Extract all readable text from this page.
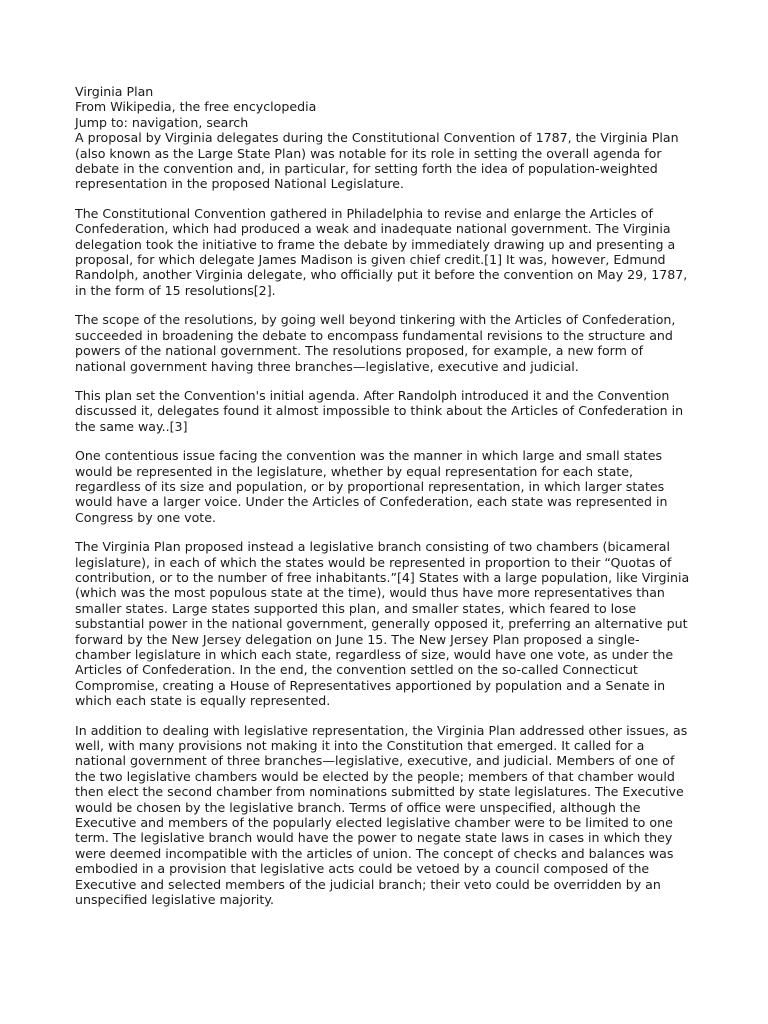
Virginia Plan

From Wikipedia, the free encyclopedia

Jump to: navigation, search

A proposal by Virginia delegates during the Constitutional Convention of 1787, the Virginia Plan (also known as the Large State Plan) was notable for its role in setting the overall agenda for debate in the convention and, in particular, for setting forth the idea of population-weighted representation in the proposed National Legislature.

The Constitutional Convention gathered in Philadelphia to revise and enlarge the Articles of Confederation, which had produced a weak and inadequate national government. The Virginia delegation took the initiative to frame the debate by immediately drawing up and presenting a proposal, for which delegate James Madison is given chief credit.[1] It was, however, Edmund Randolph, another Virginia delegate, who officially put it before the convention on May 29, 1787, in the form of 15 resolutions[2].

The scope of the resolutions, by going well beyond tinkering with the Articles of Confederation, succeeded in broadening the debate to encompass fundamental revisions to the structure and powers of the national government. The resolutions proposed, for example, a new form of national government having three branches—legislative, executive and judicial.

This plan set the Convention's initial agenda. After Randolph introduced it and the Convention discussed it, delegates found it almost impossible to think about the Articles of Confederation in the same way..[3]

One contentious issue facing the convention was the manner in which large and small states would be represented in the legislature, whether by equal representation for each state, regardless of its size and population, or by proportional representation, in which larger states would have a larger voice. Under the Articles of Confederation, each state was represented in Congress by one vote.

The Virginia Plan proposed instead a legislative branch consisting of two chambers (bicameral legislature), in each of which the states would be represented in proportion to their “Quotas of contribution, or to the number of free inhabitants.”[4] States with a large population, like Virginia (which was the most populous state at the time), would thus have more representatives than smaller states. Large states supported this plan, and smaller states, which feared to lose substantial power in the national government, generally opposed it, preferring an alternative put forward by the New Jersey delegation on June 15. The New Jersey Plan proposed a single-chamber legislature in which each state, regardless of size, would have one vote, as under the Articles of Confederation. In the end, the convention settled on the so-called Connecticut Compromise, creating a House of Representatives apportioned by population and a Senate in which each state is equally represented.

In addition to dealing with legislative representation, the Virginia Plan addressed other issues, as well, with many provisions not making it into the Constitution that emerged. It called for a national government of three branches—legislative, executive, and judicial. Members of one of the two legislative chambers would be elected by the people; members of that chamber would then elect the second chamber from nominations submitted by state legislatures. The Executive would be chosen by the legislative branch. Terms of office were unspecified, although the Executive and members of the popularly elected legislative chamber were to be limited to one term. The legislative branch would have the power to negate state laws in cases in which they were deemed incompatible with the articles of union. The concept of checks and balances was embodied in a provision that legislative acts could be vetoed by a council composed of the Executive and selected members of the judicial branch; their veto could be overridden by an unspecified legislative majority.
